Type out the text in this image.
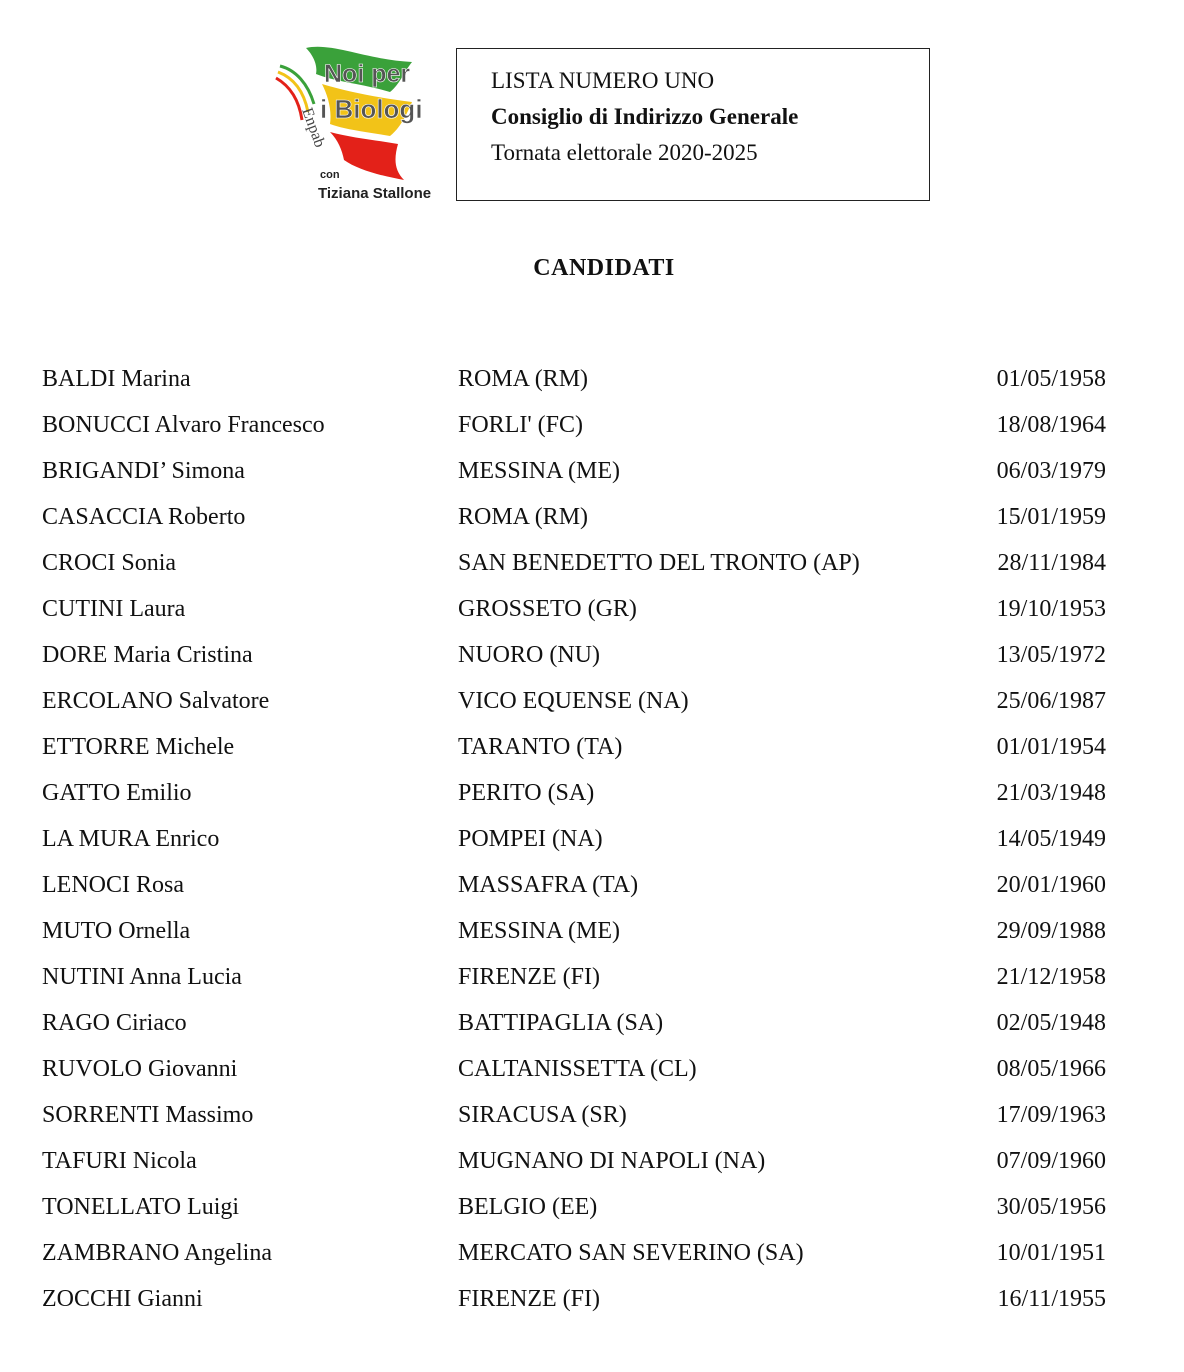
Noi per
i Biologi
Enpab
con
Tiziana Stallone
LISTA NUMERO UNO
Consiglio di Indirizzo Generale
Tornata elettorale 2020-2025
CANDIDATI
BALDI Marina	ROMA (RM)	01/05/1958
BONUCCI Alvaro Francesco	FORLI' (FC)	18/08/1964
BRIGANDI’ Simona	MESSINA (ME)	06/03/1979
CASACCIA Roberto	ROMA (RM)	15/01/1959
CROCI Sonia	SAN BENEDETTO DEL TRONTO (AP)	28/11/1984
CUTINI Laura	GROSSETO (GR)	19/10/1953
DORE Maria Cristina	NUORO (NU)	13/05/1972
ERCOLANO Salvatore	VICO EQUENSE (NA)	25/06/1987
ETTORRE Michele	TARANTO (TA)	01/01/1954
GATTO Emilio	PERITO (SA)	21/03/1948
LA MURA Enrico	POMPEI (NA)	14/05/1949
LENOCI Rosa	MASSAFRA (TA)	20/01/1960
MUTO Ornella	MESSINA (ME)	29/09/1988
NUTINI Anna Lucia	FIRENZE (FI)	21/12/1958
RAGO Ciriaco	BATTIPAGLIA (SA)	02/05/1948
RUVOLO Giovanni	CALTANISSETTA (CL)	08/05/1966
SORRENTI Massimo	SIRACUSA (SR)	17/09/1963
TAFURI Nicola	MUGNANO DI NAPOLI (NA)	07/09/1960
TONELLATO Luigi	BELGIO (EE)	30/05/1956
ZAMBRANO Angelina	MERCATO SAN SEVERINO (SA)	10/01/1951
ZOCCHI Gianni	FIRENZE (FI)	16/11/1955
